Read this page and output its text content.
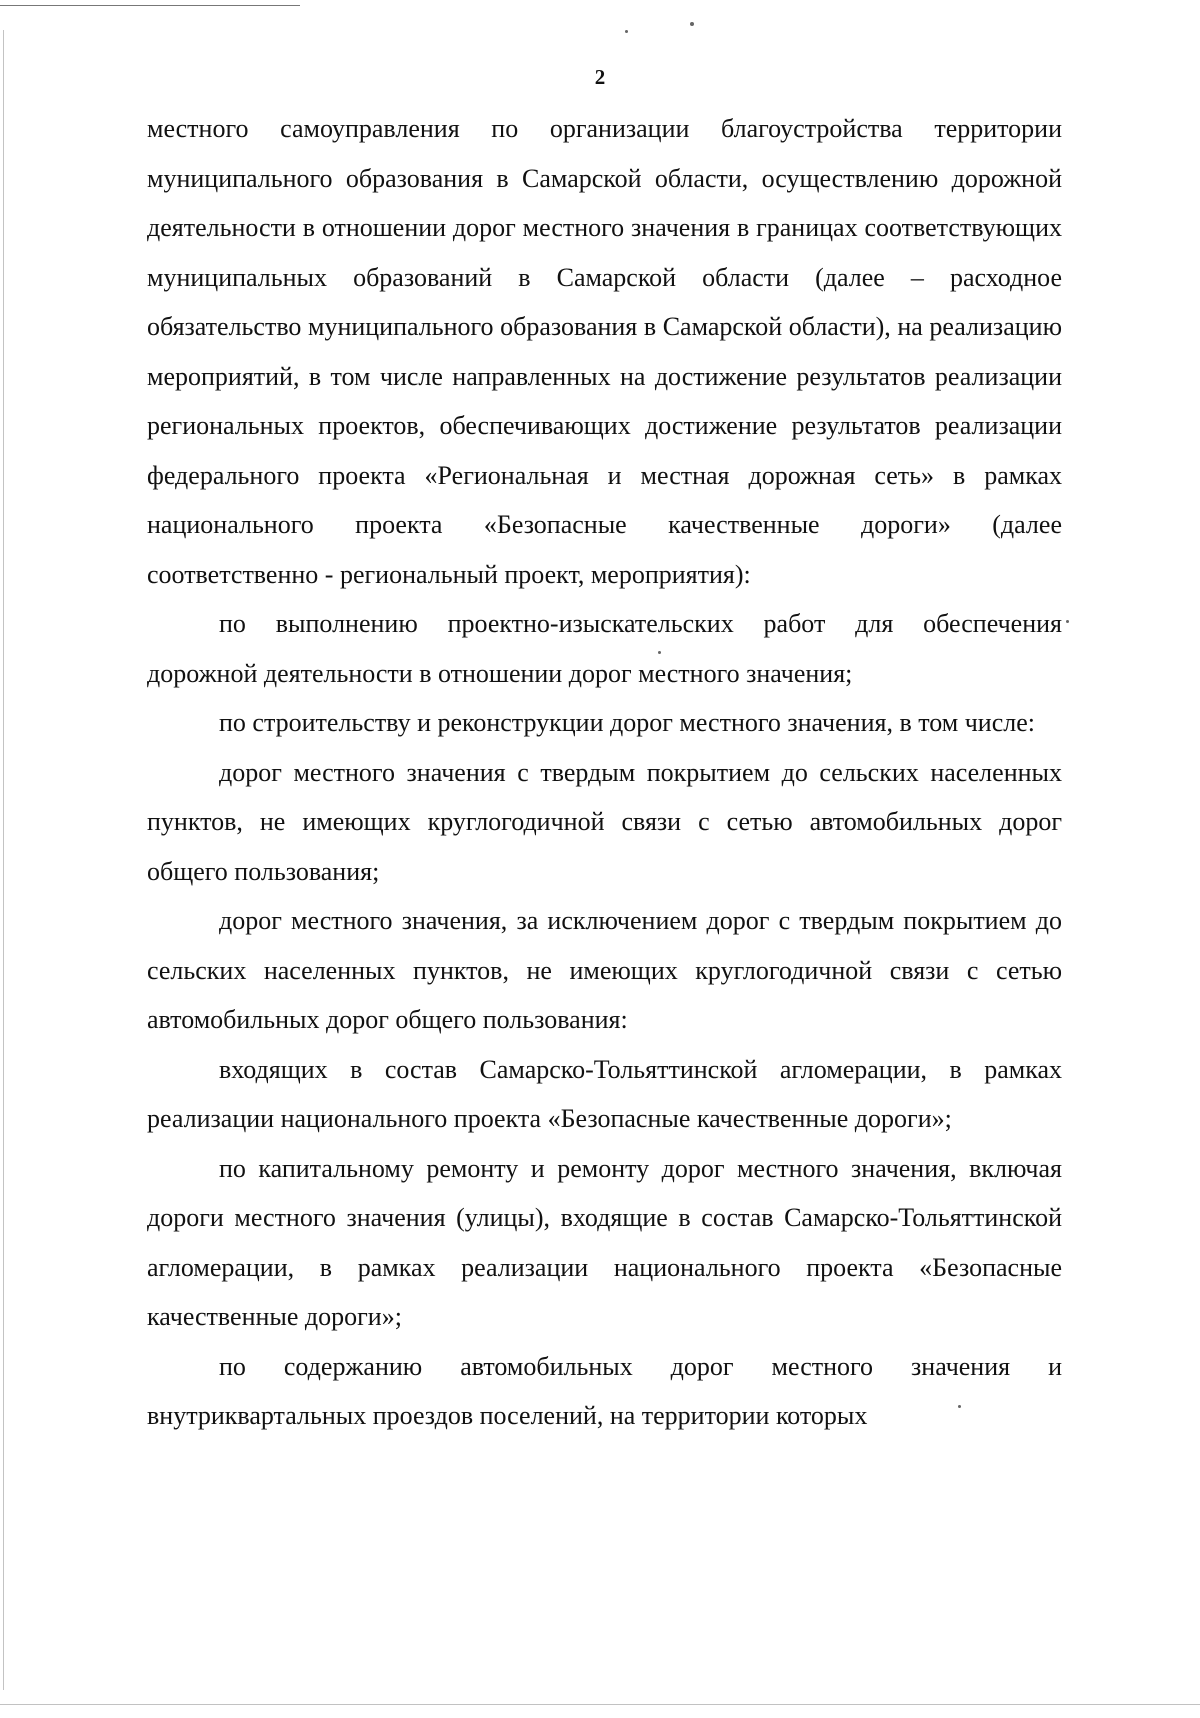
2

местного самоуправления по организации благоустройства территории муниципального образования в Самарской области, осуществлению дорожной деятельности в отношении дорог местного значения в границах соответствующих муниципальных образований в Самарской области (далее – расходное обязательство муниципального образования в Самарской области), на реализацию мероприятий, в том числе направленных на достижение результатов реализации региональных проектов, обеспечивающих достижение результатов реализации федерального проекта «Региональная и местная дорожная сеть» в рамках национального проекта «Безопасные качественные дороги» (далее соответственно - региональный проект, мероприятия):

по выполнению проектно-изыскательских работ для обеспечения дорожной деятельности в отношении дорог местного значения;

по строительству и реконструкции дорог местного значения, в том числе:

дорог местного значения с твердым покрытием до сельских населенных пунктов, не имеющих круглогодичной связи с сетью автомобильных дорог общего пользования;

дорог местного значения, за исключением дорог с твердым покрытием до сельских населенных пунктов, не имеющих круглогодичной связи с сетью автомобильных дорог общего пользования:

входящих в состав Самарско-Тольяттинской агломерации, в рамках реализации национального проекта «Безопасные качественные дороги»;

по капитальному ремонту и ремонту дорог местного значения, включая дороги местного значения (улицы), входящие в состав Самарско-Тольяттинской агломерации, в рамках реализации национального проекта «Безопасные качественные дороги»;

по содержанию автомобильных дорог местного значения и внутриквартальных проездов поселений, на территории которых
